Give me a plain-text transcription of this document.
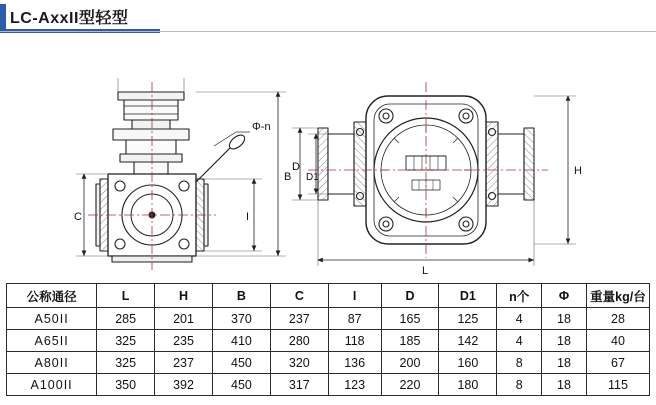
LC-AxxII型轻型
B
C	I
Φ-n
D
D1
H
L
公称通径	L	H	B	C	I	D	D1	n个	Φ	重量kg/台
A50II	285	201	370	237	87	165	125	4	18	28
A65II	325	235	410	280	118	185	142	4	18	40
A80II	325	237	450	320	136	200	160	8	18	67
A100II	350	392	450	317	123	220	180	8	18	115
